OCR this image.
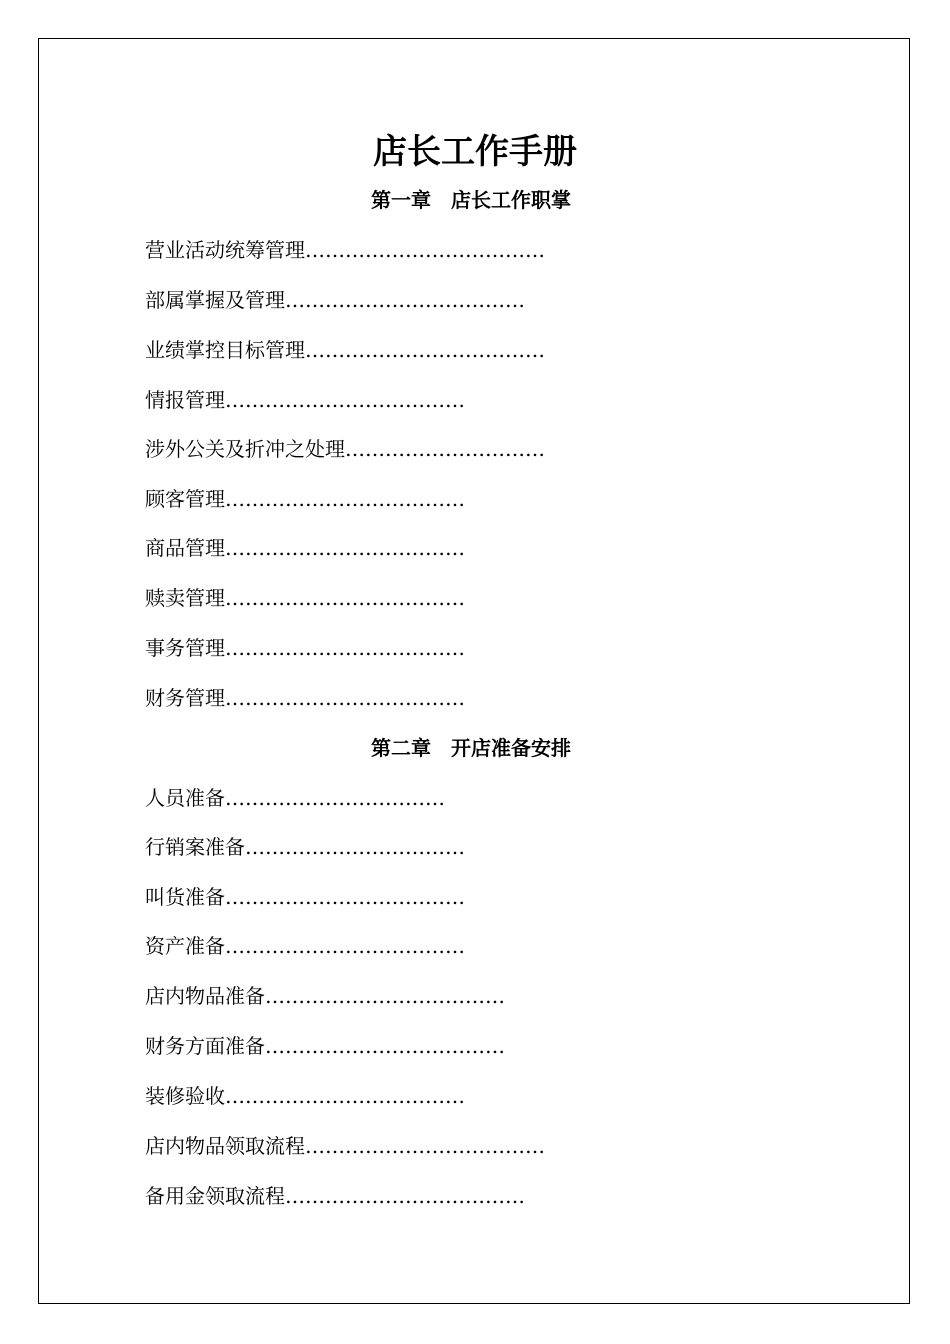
店长工作手册
第一章　店长工作职掌
营业活动统筹管理………………………………
部属掌握及管理………………………………
业绩掌控目标管理………………………………
情报管理………………………………
涉外公关及折冲之处理…………………………
顾客管理………………………………
商品管理………………………………
赎卖管理………………………………
事务管理………………………………
财务管理………………………………
第二章　开店准备安排
人员准备……………………………
行销案准备……………………………
叫货准备………………………………
资产准备………………………………
店内物品准备………………………………
财务方面准备………………………………
装修验收………………………………
店内物品领取流程………………………………
备用金领取流程………………………………
